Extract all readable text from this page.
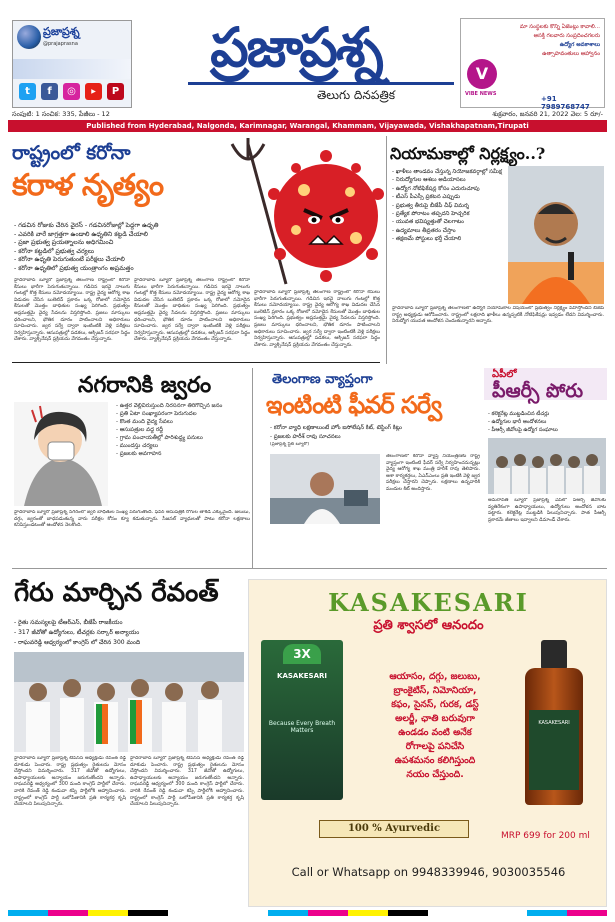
ప్రజాప్రశ్న
@prajaprasna
t	f	◎	▶	P
ప్రజాప్రశ్న
తెలుగు దినపత్రిక
మా సంస్థలకు కొన్ని ఏజెంట్లు కావాలి...
ఆసక్తి గలవారు సంప్రదించగలరు
ఉద్యోగ అవకాశాలు
ఉత్సాహవంతులు ఆహ్వానం
V
VIBE NEWS
+91 7989768747
సంపుటి: 1 సంచిక: 335, పేజీలు - 12	శుక్రవారం, జనవరి 21, 2022 వెల: 5 రూ/-
Published from Hyderabad, Nalgonda, Karimnagar, Warangal, Khammam, Vijayawada, Vishakhapatnam,Tirupati
రాష్ట్రంలో కరోనా
కరాళ నృత్యం
- గడచిన రోజుకు చేరిన వైరస్ - గడచినరోజుల్లో పెద్దగా ఉధృతి
- ఎవరికి వారే జాగ్రత్తగా ఉండాలి ఉధృతిని కట్టడి చేయాలి
- ప్రజా ప్రభుత్వ ప్రయత్నాలను అధిగమించి
- కరోనా కట్టడిలో ప్రభుత్వ చర్యలు
- కరోనా ఉధృతి పెరుగుతుంటే పరీక్షలు చేయాలి
- కరోనా ఉధృతిలో ప్రభుత్వ యంత్రాంగం అప్రమత్తం
హైదరాబాద్ బ్యూరో ప్రజాప్రశ్న తెలంగాణ రాష్ట్రంలో కరోనా కేసులు భారీగా పెరుగుతున్నాయి. గడిచిన ఇరవై నాలుగు గంటల్లో కొత్త కేసులు నమోదయ్యాయి. రాష్ట్ర వైద్య ఆరోగ్య శాఖ విడుదల చేసిన బులెటిన్ ప్రకారం ఒక్క రోజులో నమోదైన కేసులతో మొత్తం బాధితుల సంఖ్య పెరిగింది. ప్రభుత్వం అప్రమత్తమై వైద్య సేవలను విస్తరిస్తోంది. ప్రజలు మాస్కులు ధరించాలని, భౌతిక దూరం పాటించాలని అధికారులు సూచించారు. జ్వర సర్వే ద్వారా ఇంటింటికీ వెళ్లి పరీక్షలు నిర్వహిస్తున్నారు. ఆసుపత్రుల్లో పడకలు, ఆక్సిజన్ సరఫరా సిద్ధం చేశారు. వ్యాక్సినేషన్ ప్రక్రియను వేగవంతం చేస్తున్నారు.
హైదరాబాద్ బ్యూరో ప్రజాప్రశ్న తెలంగాణ రాష్ట్రంలో కరోనా కేసులు భారీగా పెరుగుతున్నాయి. గడిచిన ఇరవై నాలుగు గంటల్లో కొత్త కేసులు నమోదయ్యాయి. రాష్ట్ర వైద్య ఆరోగ్య శాఖ విడుదల చేసిన బులెటిన్ ప్రకారం ఒక్క రోజులో నమోదైన కేసులతో మొత్తం బాధితుల సంఖ్య పెరిగింది. ప్రభుత్వం అప్రమత్తమై వైద్య సేవలను విస్తరిస్తోంది. ప్రజలు మాస్కులు ధరించాలని, భౌతిక దూరం పాటించాలని అధికారులు సూచించారు. జ్వర సర్వే ద్వారా ఇంటింటికీ వెళ్లి పరీక్షలు నిర్వహిస్తున్నారు. ఆసుపత్రుల్లో పడకలు, ఆక్సిజన్ సరఫరా సిద్ధం చేశారు. వ్యాక్సినేషన్ ప్రక్రియను వేగవంతం చేస్తున్నారు.
హైదరాబాద్ బ్యూరో ప్రజాప్రశ్న తెలంగాణ రాష్ట్రంలో కరోనా కేసులు భారీగా పెరుగుతున్నాయి. గడిచిన ఇరవై నాలుగు గంటల్లో కొత్త కేసులు నమోదయ్యాయి. రాష్ట్ర వైద్య ఆరోగ్య శాఖ విడుదల చేసిన బులెటిన్ ప్రకారం ఒక్క రోజులో నమోదైన కేసులతో మొత్తం బాధితుల సంఖ్య పెరిగింది. ప్రభుత్వం అప్రమత్తమై వైద్య సేవలను విస్తరిస్తోంది. ప్రజలు మాస్కులు ధరించాలని, భౌతిక దూరం పాటించాలని అధికారులు సూచించారు. జ్వర సర్వే ద్వారా ఇంటింటికీ వెళ్లి పరీక్షలు నిర్వహిస్తున్నారు. ఆసుపత్రుల్లో పడకలు, ఆక్సిజన్ సరఫరా సిద్ధం చేశారు. వ్యాక్సినేషన్ ప్రక్రియను వేగవంతం చేస్తున్నారు.
నియామకాల్లో నిర్లక్ష్యం..?
- ఖాళీలు తాండవం చేస్తున్న నియోజకవర్గాల్లో సమీక్ష
- నిరుద్యోగుల ఆశలు అడియాసలు
- ఉద్యోగ నోటిఫికేషన్ల కోసం ఎదురుచూపు
- టీఎస్ పీఎస్సీ ప్రకటన ఎప్పుడు
- ప్రభుత్వ తీరుపై బీజేపీ చీఫ్ విమర్శ
- ప్రత్యేక పోరాటం తప్పదని హెచ్చరిక
- యువత భవిష్యత్తుతో చెలగాటం
- ఉద్యమాలు తీవ్రతరం చేస్తాం
- తక్షణమే పోస్టులు భర్తీ చేయాలి
హైదరాబాద్ బ్యూరో ప్రజాప్రశ్న తెలంగాణలో ఉద్యోగ నియామకాల విషయంలో ప్రభుత్వం నిర్లక్ష్యం వహిస్తోందని బీజేపీ రాష్ట్ర అధ్యక్షుడు ఆరోపించారు. రాష్ట్రంలో లక్షలాది ఖాళీలు ఉన్నప్పటికీ నోటిఫికేషన్లు ఇవ్వడం లేదని విమర్శించారు. నిరుద్యోగ యువత ఆందోళన చెందుతున్నారని అన్నారు.
నగరానికి జ్వరం
- ఉత్తర వెల్లివిరుస్తుంది నిరసనగా తిరిగొచ్చిన జనం
- ప్రతి ఏటా సంఖ్యాపరంగా పెరుగుదల
- కొంత మంది వైద్య సేవలు
- ఆసుపత్రుల వద్ద రద్దీ
- గ్రామ పంచాయతీల్లో పారిశుద్ధ్య పనులు
- ముందస్తు చర్యలు
- ప్రజలకు అవగాహన
హైదరాబాద్ బ్యూరో ప్రజాప్రశ్న నగరంలో జ్వర బాధితుల సంఖ్య పెరుగుతోంది. ఫీవర్ ఆసుపత్రికి రోగుల తాకిడి ఎక్కువైంది. జలుబు, దగ్గు, జ్వరంతో బాధపడుతున్న వారు పరీక్షల కోసం క్యూ కడుతున్నారు. సీజనల్ వ్యాధులతో పాటు కరోనా లక్షణాలు కనిపిస్తుండటంతో ఆందోళన నెలకొంది.
తెలంగాణ వ్యాప్తంగా
ఇంటింటి ఫీవర్ సర్వే
- కరోనా వ్యాధి లక్షణాలుంటే హోం ఐసోలేషన్ కిట్, టెస్టింగ్ కిట్లు
- ప్రజలకు హరీశ్ రావు సూచనలు
(ప్రజాప్రశ్న స్టేట్ బ్యూరో)
తెలంగాణలో కరోనా వ్యాప్తి నియంత్రణకు రాష్ట్ర వ్యాప్తంగా ఇంటింటి ఫీవర్ సర్వే నిర్వహించనున్నట్లు వైద్య ఆరోగ్య శాఖ మంత్రి హరీశ్ రావు తెలిపారు. ఆశా కార్యకర్తలు, ఏఎన్ఎంలు ప్రతి ఇంటికి వెళ్లి జ్వర పరీక్షలు చేస్తారని చెప్పారు. లక్షణాలు ఉన్నవారికి మందుల కిట్ అందిస్తారు.
ఏపీలో
పీఆర్సీ పోరు
- కలెక్టరేట్ల ముట్టడించిన టీచర్లు
- ఉద్యోగుల భారీ ఆందోళనలు
- పీఆర్సీ జీవోలపై ఉద్యోగ సంఘాలు
అమరావతి బ్యూరో ప్రజాప్రశ్న ఏపీలో పీఆర్సీ జీవోలకు వ్యతిరేకంగా ఉపాధ్యాయులు, ఉద్యోగులు ఆందోళన బాట పట్టారు. కలెక్టరేట్ల ముట్టడికి పిలుపునిచ్చారు. పాత పీఆర్సీ ప్రకారమే జీతాలు ఇవ్వాలని డిమాండ్ చేశారు.
గేరు మార్చిన రేవంత్
- రైతు సమస్యలపై టీఆర్ఎస్, బీజేపీ రాజకీయం
- 317 జీవోతో ఉద్యోగులు, టీచర్లకు సర్కార్ అన్యాయం
- రాఘవరెడ్డి ఆధ్వర్యంలో కాంగ్రెస్ లో చేరిన 300 మంది
హైదరాబాద్ బ్యూరో ప్రజాప్రశ్న టీపీసీసీ అధ్యక్షుడు రేవంత్ రెడ్డి దూకుడు పెంచారు. రాష్ట్ర ప్రభుత్వం రైతులను మోసం చేస్తోందని విమర్శించారు. 317 జీవోతో ఉద్యోగులు, ఉపాధ్యాయులకు అన్యాయం జరుగుతోందని అన్నారు. రాఘవరెడ్డి ఆధ్వర్యంలో 300 మంది కాంగ్రెస్ పార్టీలో చేరారు. వారికి రేవంత్ రెడ్డి కండువా కప్పి పార్టీలోకి ఆహ్వానించారు. రాష్ట్రంలో కాంగ్రెస్ పార్టీ బలోపేతానికి ప్రతి కార్యకర్త కృషి చేయాలని పిలుపునిచ్చారు.
హైదరాబాద్ బ్యూరో ప్రజాప్రశ్న టీపీసీసీ అధ్యక్షుడు రేవంత్ రెడ్డి దూకుడు పెంచారు. రాష్ట్ర ప్రభుత్వం రైతులను మోసం చేస్తోందని విమర్శించారు. 317 జీవోతో ఉద్యోగులు, ఉపాధ్యాయులకు అన్యాయం జరుగుతోందని అన్నారు. రాఘవరెడ్డి ఆధ్వర్యంలో 300 మంది కాంగ్రెస్ పార్టీలో చేరారు. వారికి రేవంత్ రెడ్డి కండువా కప్పి పార్టీలోకి ఆహ్వానించారు. రాష్ట్రంలో కాంగ్రెస్ పార్టీ బలోపేతానికి ప్రతి కార్యకర్త కృషి చేయాలని పిలుపునిచ్చారు.
KASAKESARI
ప్రతి శ్వాసలో ఆనందం
3X
KASAKESARI
Because Every Breath Matters
ఆయాసం, దగ్గు, జలుబు,
బ్రాంకైటిస్, నిమోనియా,
కఫం, సైనస్, గురక, డస్ట్
అలర్జీ, ఛాతి బరువుగా
ఉండడం వంటి అనేక
రోగాలపై పనిచేసి
ఉపశమనం కలిగిస్తుంది
నయం చేస్తుంది.
KASAKESARI
100 % Ayurvedic
MRP 699 for 200 ml
Call or Whatsapp on 9948339946, 9030035546
